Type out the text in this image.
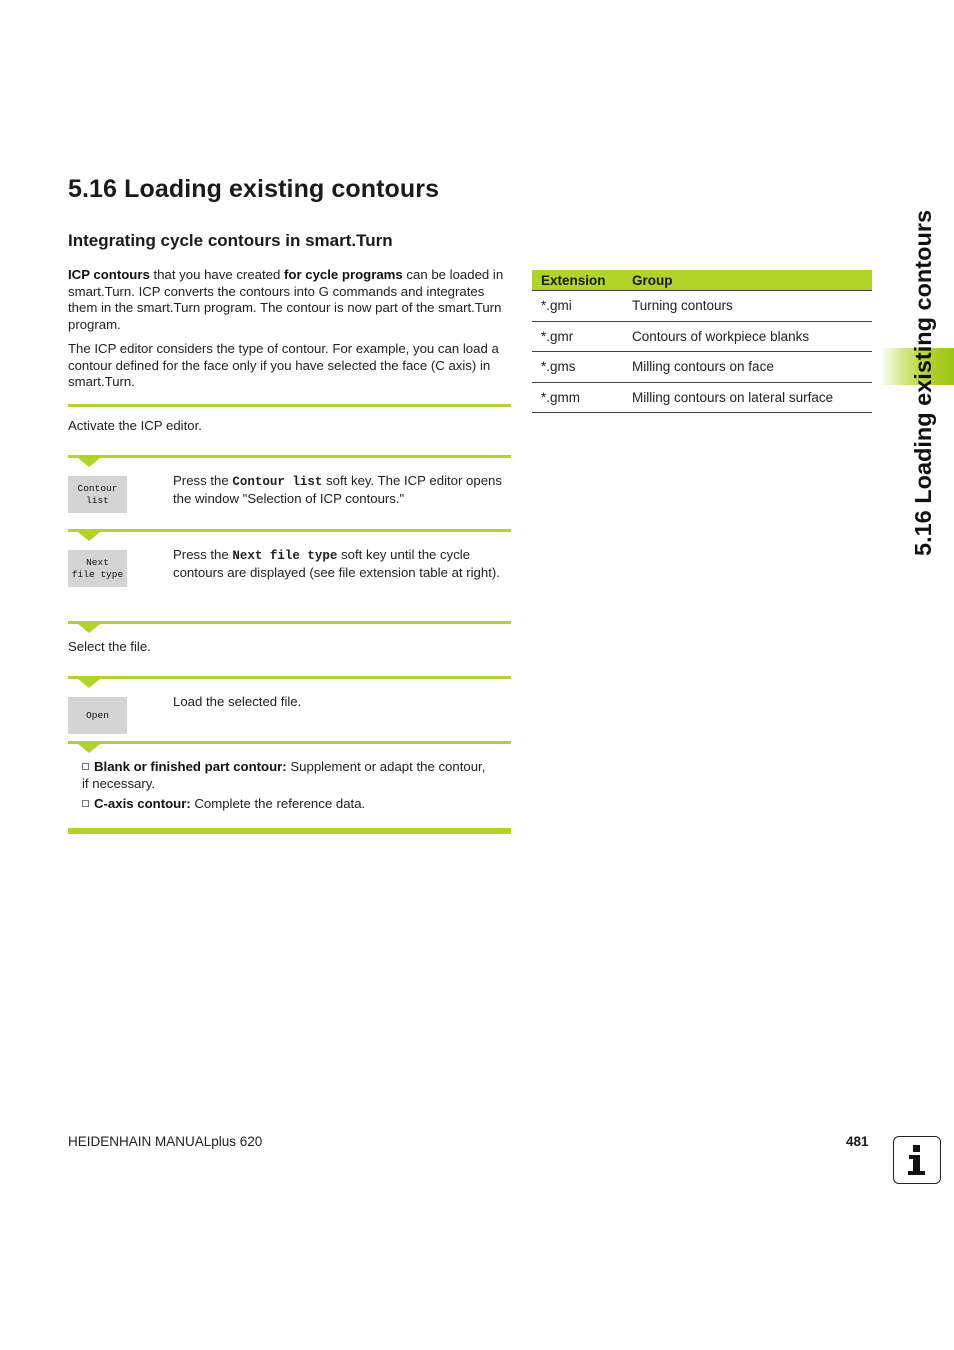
5.16 Loading existing contours
Integrating cycle contours in smart.Turn
ICP contours that you have created for cycle programs can be loaded in smart.Turn. ICP converts the contours into G commands and integrates them in the smart.Turn program. The contour is now part of the smart.Turn program.
The ICP editor considers the type of contour. For example, you can load a contour defined for the face only if you have selected the face (C axis) in smart.Turn.
Activate the ICP editor.
Contour
list
Press the Contour list soft key. The ICP editor opens the window "Selection of ICP contours."
Next
file type
Press the Next file type soft key until the cycle contours are displayed (see file extension table at right).
Select the file.
Open
Load the selected file.
Blank or finished part contour: Supplement or adapt the contour, if necessary.
C-axis contour: Complete the reference data.
Extension	Group
*.gmi	Turning contours
*.gmr	Contours of workpiece blanks
*.gms	Milling contours on face
*.gmm	Milling contours on lateral surface	5.16 Loading existing contours
HEIDENHAIN MANUALplus 620	481
